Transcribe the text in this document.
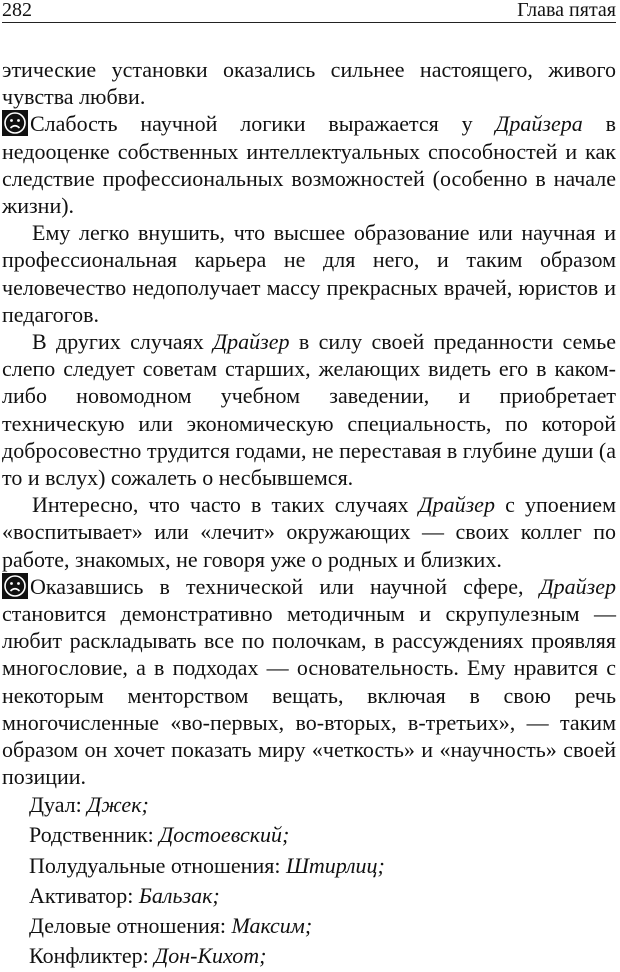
282	Глава пятая

этические установки оказались сильнее настоящего, живого чувства любви.

Слабость научной логики выражается у Драйзера в недооценке собственных интеллектуальных способностей и как следствие профессиональных возможностей (особенно в начале жизни).

Ему легко внушить, что высшее образование или научная и профессиональная карьера не для него, и таким образом человечество недополучает массу прекрасных врачей, юристов и педагогов.

В других случаях Драйзер в силу своей преданности семье слепо следует советам старших, желающих видеть его в каком-либо новомодном учебном заведении, и приобретает техническую или экономическую специальность, по которой добросовестно трудится годами, не переставая в глубине души (а то и вслух) сожалеть о несбывшемся.

Интересно, что часто в таких случаях Драйзер с упоением «воспитывает» или «лечит» окружающих — своих коллег по работе, знакомых, не говоря уже о родных и близких.

Оказавшись в технической или научной сфере, Драйзер становится демонстративно методичным и скрупулезным — любит раскладывать все по полочкам, в рассуждениях проявляя многословие, а в подходах — основательность. Ему нравится с некоторым менторством вещать, включая в свою речь многочисленные «во-первых, во-вторых, в-третьих», — таким образом он хочет показать миру «четкость» и «научность» своей позиции.

Дуал: Джек;
Родственник: Достоевский;
Полудуальные отношения: Штирлиц;
Активатор: Бальзак;
Деловые отношения: Максим;
Конфликтер: Дон-Кихот;
